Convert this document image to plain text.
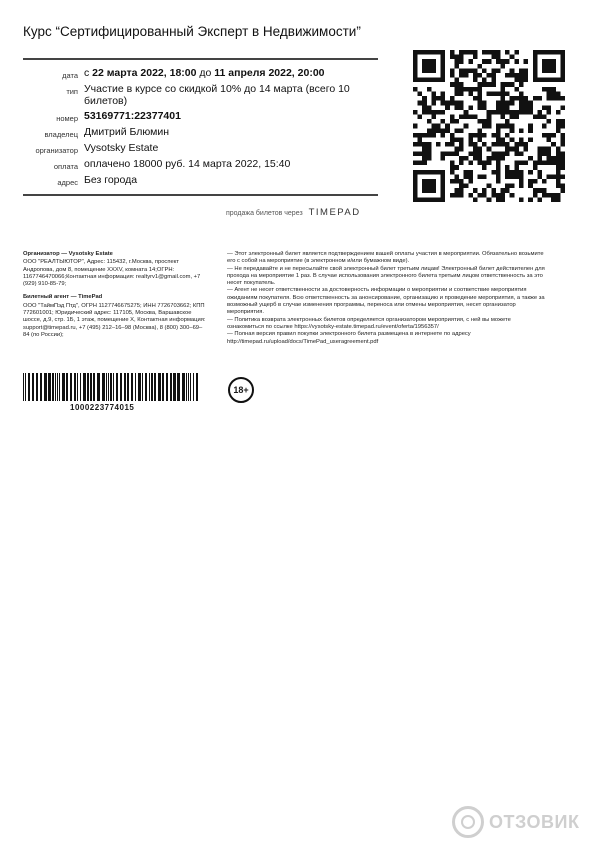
Курс “Сертифицированный Эксперт в Недвижимости”
дата с 22 марта 2022, 18:00 до 11 апреля 2022, 20:00
тип Участие в курсе со скидкой 10% до 14 марта (всего 10 билетов)
номер 53169771:22377401
владелец Дмитрий Блюмин
организатор Vysotsky Estate
оплата оплачено 18000 руб. 14 марта 2022, 15:40
адрес Без города
продажа билетов через TIMEPAD
Организатор — Vysotsky Estate

ООО "РЕАЛТЫЮТОР", Адрес: 115432, г.Москва, проспект Андропова, дом 8, помещение XXXV, комната 14;ОГРН: 1167746470066;Контактная информация: realtyrv1@gmail.com, +7 (929) 910-85-79;

Билетный агент — TimePad

ООО "ТаймПэд Птд", ОГРН 1127746675275; ИНН 7726703662; КПП 772601001; Юридический адрес: 117105, Москва, Варшавское шоссе, д.9, стр. 1Б, 1 этаж, помещение X, Контактная информация: support@timepad.ru, +7 (495) 212–16–98 (Москва), 8 (800) 300–69–84 (по России);

— Этот электронный билет является подтверждением вашей оплаты участия в мероприятии. Обязательно возьмите его с собой на мероприятие (в электронном и/или бумажном виде).

— Не передавайте и не пересылайте свой электронный билет третьим лицам! Электронный билет действителен для прохода на мероприятие 1 раз. В случае использования электронного билета третьим лицом ответственность за это несет покупатель.

— Агент не несет ответственности за достоверность информации о мероприятии и соответствие мероприятия ожиданиям покупателя. Всю ответственность за анонсирование, организацию и проведение мероприятия, а также за возможный ущерб в случае изменения программы, переноса или отмены мероприятия, несет организатор мероприятия.

— Политика возврата электронных билетов определяется организатором мероприятия, с ней вы можете ознакомиться по ссылке https://vysotsky-estate.timepad.ru/event/oferta/1956357/

— Полная версия правил покупки электронного билета размещена в интернете по адресу http://timepad.ru/upload/docs/TimePad_useragreement.pdf

1000223774015
18+
ОТЗОВИК
